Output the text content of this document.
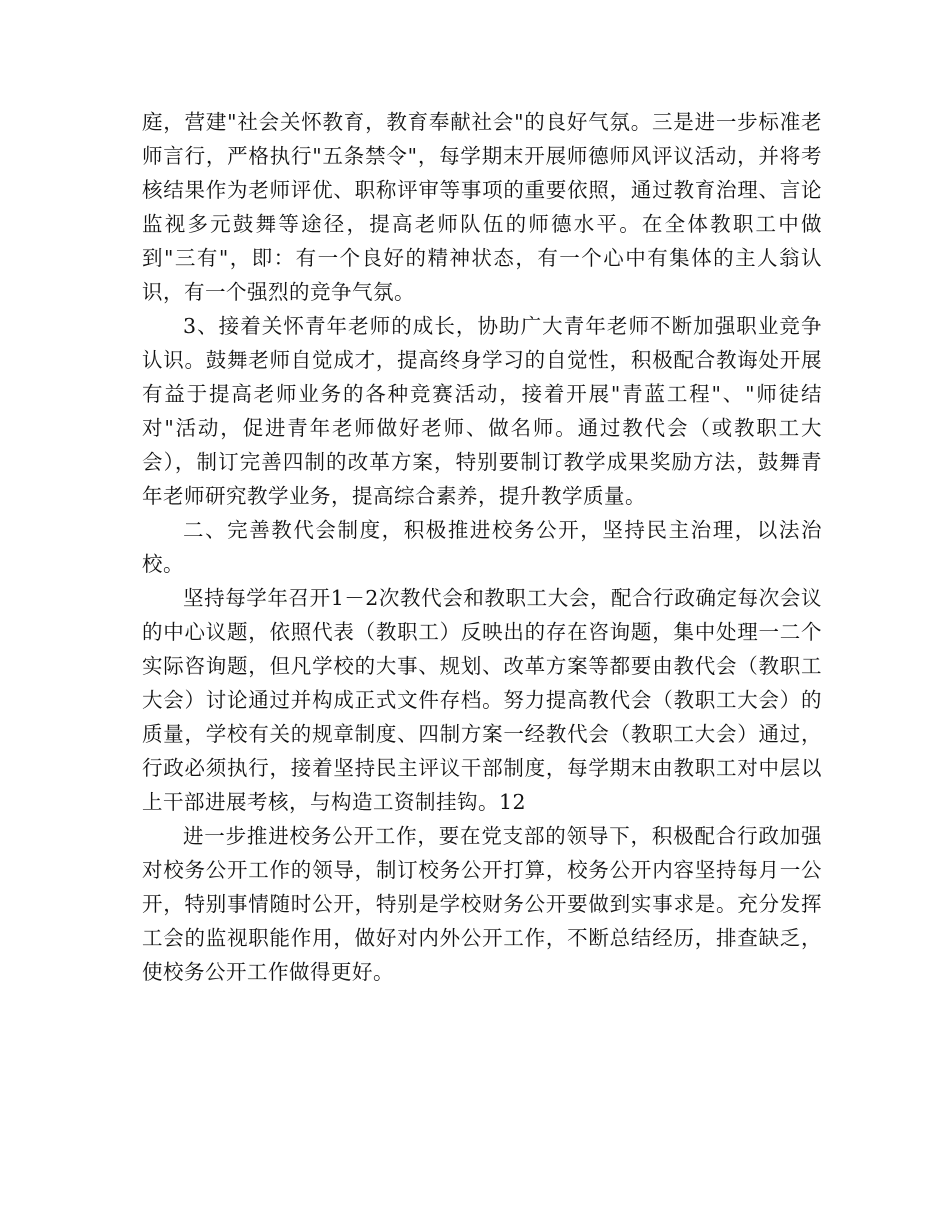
庭，营建"社会关怀教育，教育奉献社会"的良好气氛。三是进一步标准老师言行，严格执行"五条禁令"，每学期末开展师德师风评议活动，并将考核结果作为老师评优、职称评审等事项的重要依照，通过教育治理、言论监视多元鼓舞等途径，提高老师队伍的师德水平。在全体教职工中做到"三有"，即：有一个良好的精神状态，有一个心中有集体的主人翁认识，有一个强烈的竞争气氛。

3、接着关怀青年老师的成长，协助广大青年老师不断加强职业竞争认识。鼓舞老师自觉成才，提高终身学习的自觉性，积极配合教诲处开展有益于提高老师业务的各种竞赛活动，接着开展"青蓝工程"、"师徒结对"活动，促进青年老师做好老师、做名师。通过教代会（或教职工大会），制订完善四制的改革方案，特别要制订教学成果奖励方法，鼓舞青年老师研究教学业务，提高综合素养，提升教学质量。

二、完善教代会制度，积极推进校务公开，坚持民主治理，以法治校。

坚持每学年召开1－2次教代会和教职工大会，配合行政确定每次会议的中心议题，依照代表（教职工）反映出的存在咨询题，集中处理一二个实际咨询题，但凡学校的大事、规划、改革方案等都要由教代会（教职工大会）讨论通过并构成正式文件存档。努力提高教代会（教职工大会）的质量，学校有关的规章制度、四制方案一经教代会（教职工大会）通过，行政必须执行，接着坚持民主评议干部制度，每学期末由教职工对中层以上干部进展考核，与构造工资制挂钩。12

进一步推进校务公开工作，要在党支部的领导下，积极配合行政加强对校务公开工作的领导，制订校务公开打算，校务公开内容坚持每月一公开，特别事情随时公开，特别是学校财务公开要做到实事求是。充分发挥工会的监视职能作用，做好对内外公开工作，不断总结经历，排查缺乏，使校务公开工作做得更好。
